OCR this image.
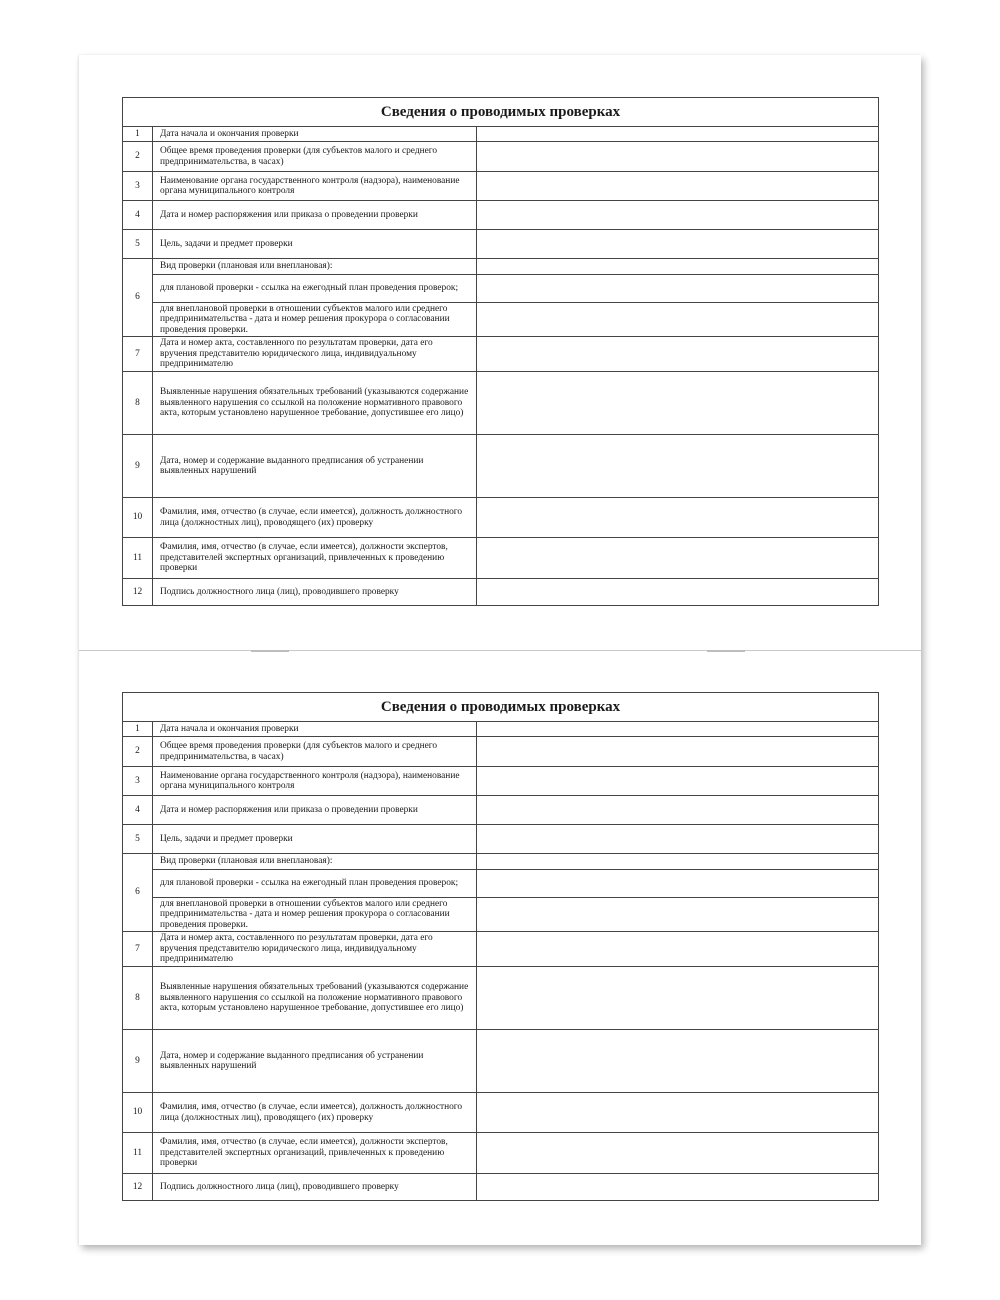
Сведения о проводимых проверках		
1	Дата начала и окончания проверки	
2	Общее время проведения проверки (для субъектов малого и среднего предпринимательства, в часах)	
3	Наименование органа государственного контроля (надзора), наименование органа муниципального контроля	
4	Дата и номер распоряжения или приказа о проведении проверки	
5	Цель, задачи и предмет проверки	
6	Вид проверки (плановая или внеплановая):	
	для плановой проверки - ссылка на ежегодный план проведения проверок;	
	для внеплановой проверки в отношении субъектов малого или среднего предпринимательства - дата и номер решения прокурора о согласовании проведения проверки.	
7	Дата и номер акта, составленного по результатам проверки, дата его вручения представителю юридического лица, индивидуальному предпринимателю	
8	Выявленные нарушения обязательных требований (указываются содержание выявленного нарушения со ссылкой на положение нормативного правового акта, которым установлено нарушенное требование, допустившее его лицо)	
9	Дата, номер и содержание выданного предписания об устранении выявленных нарушений	
10	Фамилия, имя, отчество (в случае, если имеется), должность должностного лица (должностных лиц), проводящего (их) проверку	
11	Фамилия, имя, отчество (в случае, если имеется), должности экспертов, представителей экспертных организаций, привлеченных к проведению проверки	
12	Подпись должностного лица (лиц), проводившего проверку	
Сведения о проводимых проверках		
1	Дата начала и окончания проверки	
2	Общее время проведения проверки (для субъектов малого и среднего предпринимательства, в часах)	
3	Наименование органа государственного контроля (надзора), наименование органа муниципального контроля	
4	Дата и номер распоряжения или приказа о проведении проверки	
5	Цель, задачи и предмет проверки	
6	Вид проверки (плановая или внеплановая):	
	для плановой проверки - ссылка на ежегодный план проведения проверок;	
	для внеплановой проверки в отношении субъектов малого или среднего предпринимательства - дата и номер решения прокурора о согласовании проведения проверки.	
7	Дата и номер акта, составленного по результатам проверки, дата его вручения представителю юридического лица, индивидуальному предпринимателю	
8	Выявленные нарушения обязательных требований (указываются содержание выявленного нарушения со ссылкой на положение нормативного правового акта, которым установлено нарушенное требование, допустившее его лицо)	
9	Дата, номер и содержание выданного предписания об устранении выявленных нарушений	
10	Фамилия, имя, отчество (в случае, если имеется), должность должностного лица (должностных лиц), проводящего (их) проверку	
11	Фамилия, имя, отчество (в случае, если имеется), должности экспертов, представителей экспертных организаций, привлеченных к проведению проверки	
12	Подпись должностного лица (лиц), проводившего проверку	
